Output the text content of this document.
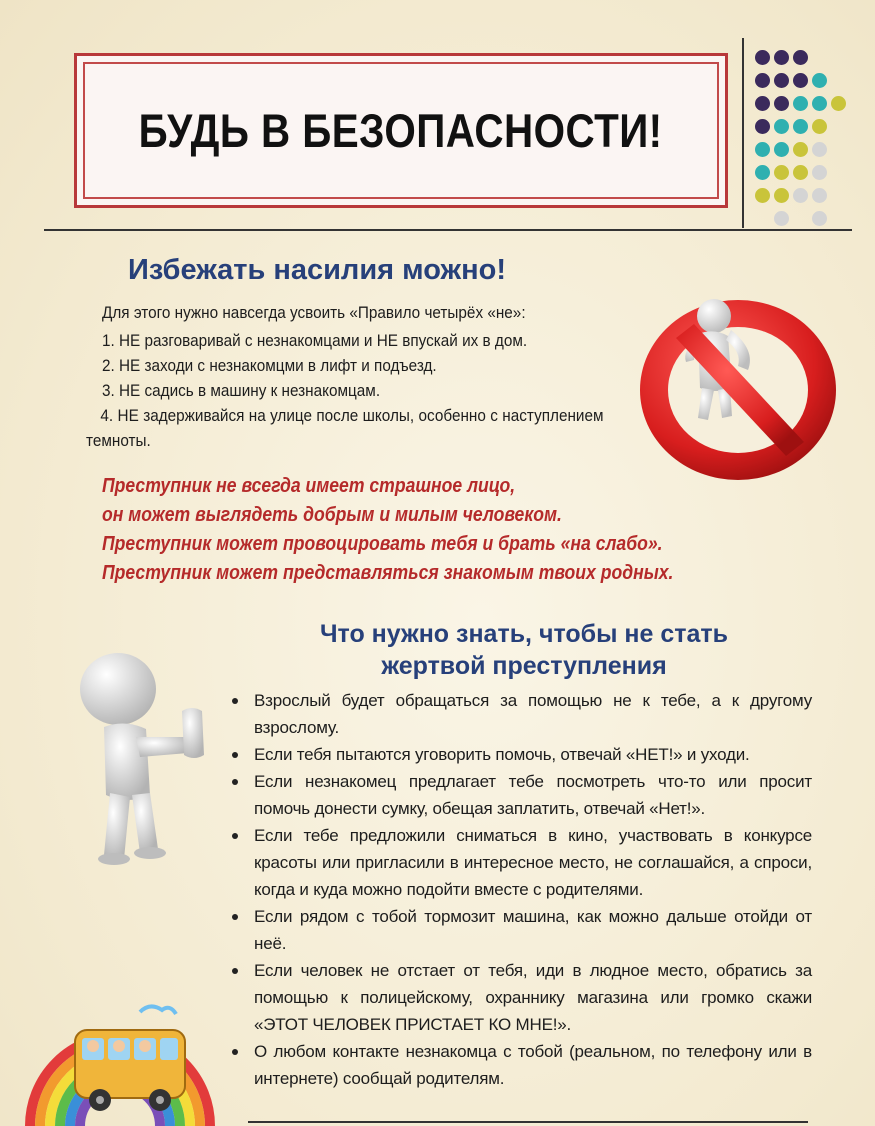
БУДЬ В БЕЗОПАСНОСТИ!
Избежать насилия можно!
Для этого нужно навсегда усвоить «Правило четырёх «не»:
1. НЕ разговаривай с незнакомцами и НЕ впускай их в дом.
2. НЕ заходи с незнакомцми в лифт и подъезд.
3. НЕ садись в машину к незнакомцам.
4. НЕ задерживайся на улице после школы, особенно с наступлением темноты.
Преступник не всегда имеет страшное лицо,
он может выглядеть добрым и милым человеком.
Преступник может провоцировать тебя и брать «на слабо».
Преступник может представляться знакомым твоих родных.
Что нужно знать, чтобы не стать
жертвой преступления
Взрослый будет обращаться за помощью не к тебе, а к другому взрослому.
Если тебя пытаются уговорить помочь, отвечай «НЕТ!» и уходи.
Если незнакомец предлагает тебе посмотреть что-то или просит помочь донести сумку, обещая заплатить, отвечай «Нет!».
Если тебе предложили сниматься в кино, участвовать в конкурсе красоты или пригласили в интересное место, не соглашайся, а спроси, когда и куда можно подойти вместе с родителями.
Если рядом с тобой тормозит машина, как можно дальше отойди от неё.
Если человек не отстает от тебя, иди в людное место, обратись за помощью к полицейскому, охраннику магазина или громко скажи «ЭТОТ ЧЕЛОВЕК ПРИСТАЕТ КО МНЕ!».
О любом контакте незнакомца с тобой (реальном, по телефону или в интернете) сообщай родителям.
